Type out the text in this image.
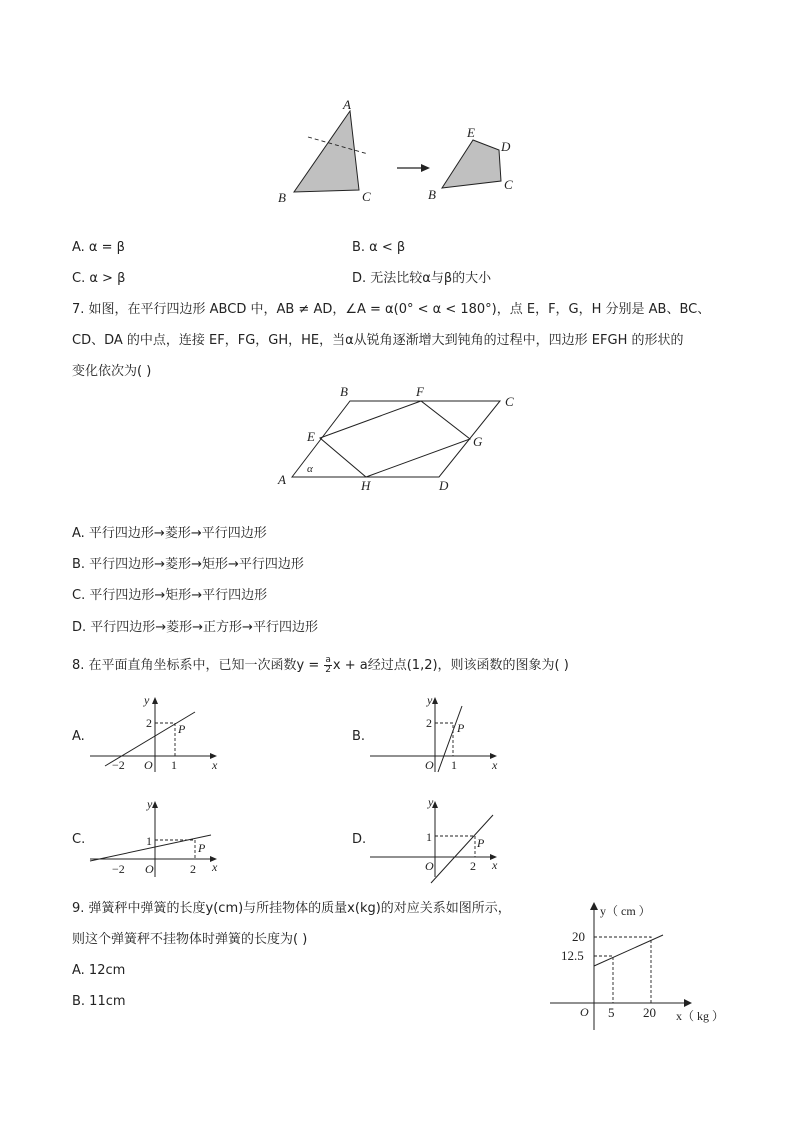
A
B	C
E
D
B
C
A. α = β	B. α < β
C. α > β	D. 无法比较α与β的大小
7. 如图，在平行四边形 ABCD 中，AB ≠ AD，∠A = α(0° < α < 180°)，点 E，F，G，H 分别是 AB、BC、
CD、DA 的中点，连接 EF，FG，GH，HE，当α从锐角逐渐增大到钝角的过程中，四边形 EFGH 的形状的
变化依次为( )
A
B
C
D
E
F
G
H
α
A. 平行四边形→菱形→平行四边形
B. 平行四边形→菱形→矩形→平行四边形
C. 平行四边形→矩形→平行四边形
D. 平行四边形→菱形→正方形→平行四边形
8. 在平面直角坐标系中，已知一次函数$y = \frac{a}{2}$ x + a经过点(1,2)，则该函数的图象为( )
A.	B.
C.	D.
y
x
O
2
−2	1
P
y
x
O
2
1
P
y
x
O
1
−2	2
P
y
x
O
1
2
P
9. 弹簧秤中弹簧的长度y(cm)与所挂物体的质量x(kg)的对应关系如图所示，
则这个弹簧秤不挂物体时弹簧的长度为( )
A. 12cm
B. 11cm
y（ cm ）
x（ kg ）
O
20
12.5
5 20
